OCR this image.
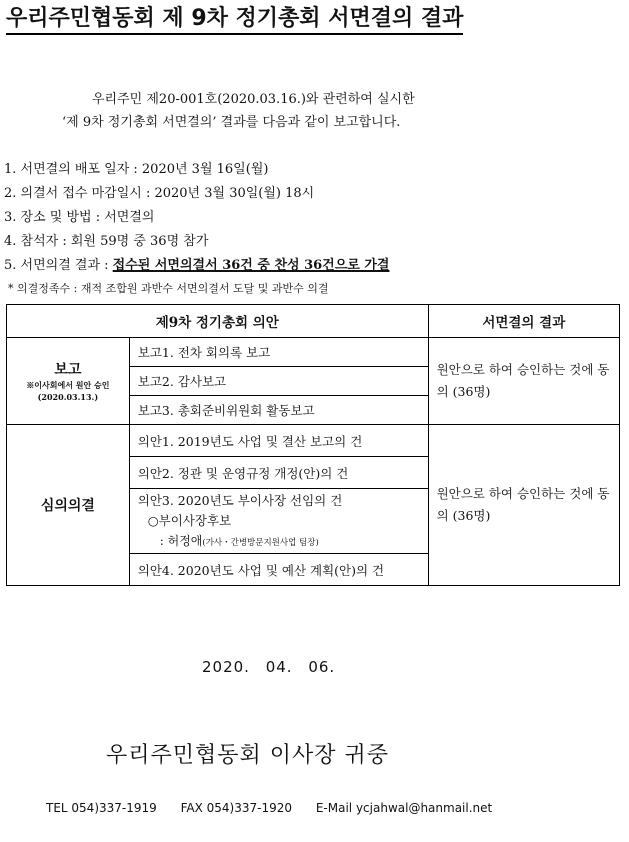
우리주민협동회 제 9차 정기총회 서면결의 결과
우리주민 제20-001호(2020.03.16.)와 관련하여 실시한
‘제 9차 정기총회 서면결의’ 결과를 다음과 같이 보고합니다.
1. 서면결의 배포 일자 : 2020년 3월 16일(월)
2. 의결서 접수 마감일시 : 2020년 3월 30일(월) 18시
3. 장소 및 방법 : 서면결의
4. 참석자 : 회원 59명 중 36명 참가
5. 서면의결 결과 : 접수된 서면의결서 36건 중 찬성 36건으로 가결
* 의결정족수 : 재적 조합원 과반수 서면의결서 도달 및 과반수 의결
제9차 정기총회 의안		서면결의 결과

보고
※이사회에서 원안 승인
(2020.03.13.)	보고1. 전차 회의록 보고	원안으로 하여 승인하는 것에 동의 (36명)
	보고2. 감사보고	
	보고3. 총회준비위원회 활동보고	

심의의결	의안1. 2019년도 사업 및 결산 보고의 건	원안으로 하여 승인하는 것에 동의 (36명)
	의안2. 정관 및 운영규정 개정(안)의 건	
	의안3. 2020년도 부이사장 선임의 건
○부이사장후보
: 허정애(가사・간병방문지원사업 팀장)	

	의안4. 2020년도 사업 및 예산 계획(안)의 건	
2020. 04. 06.
우리주민협동회 이사장 귀중
TEL 054)337-1919 FAX 054)337-1920 E-Mail ycjahwal@hanmail.net
